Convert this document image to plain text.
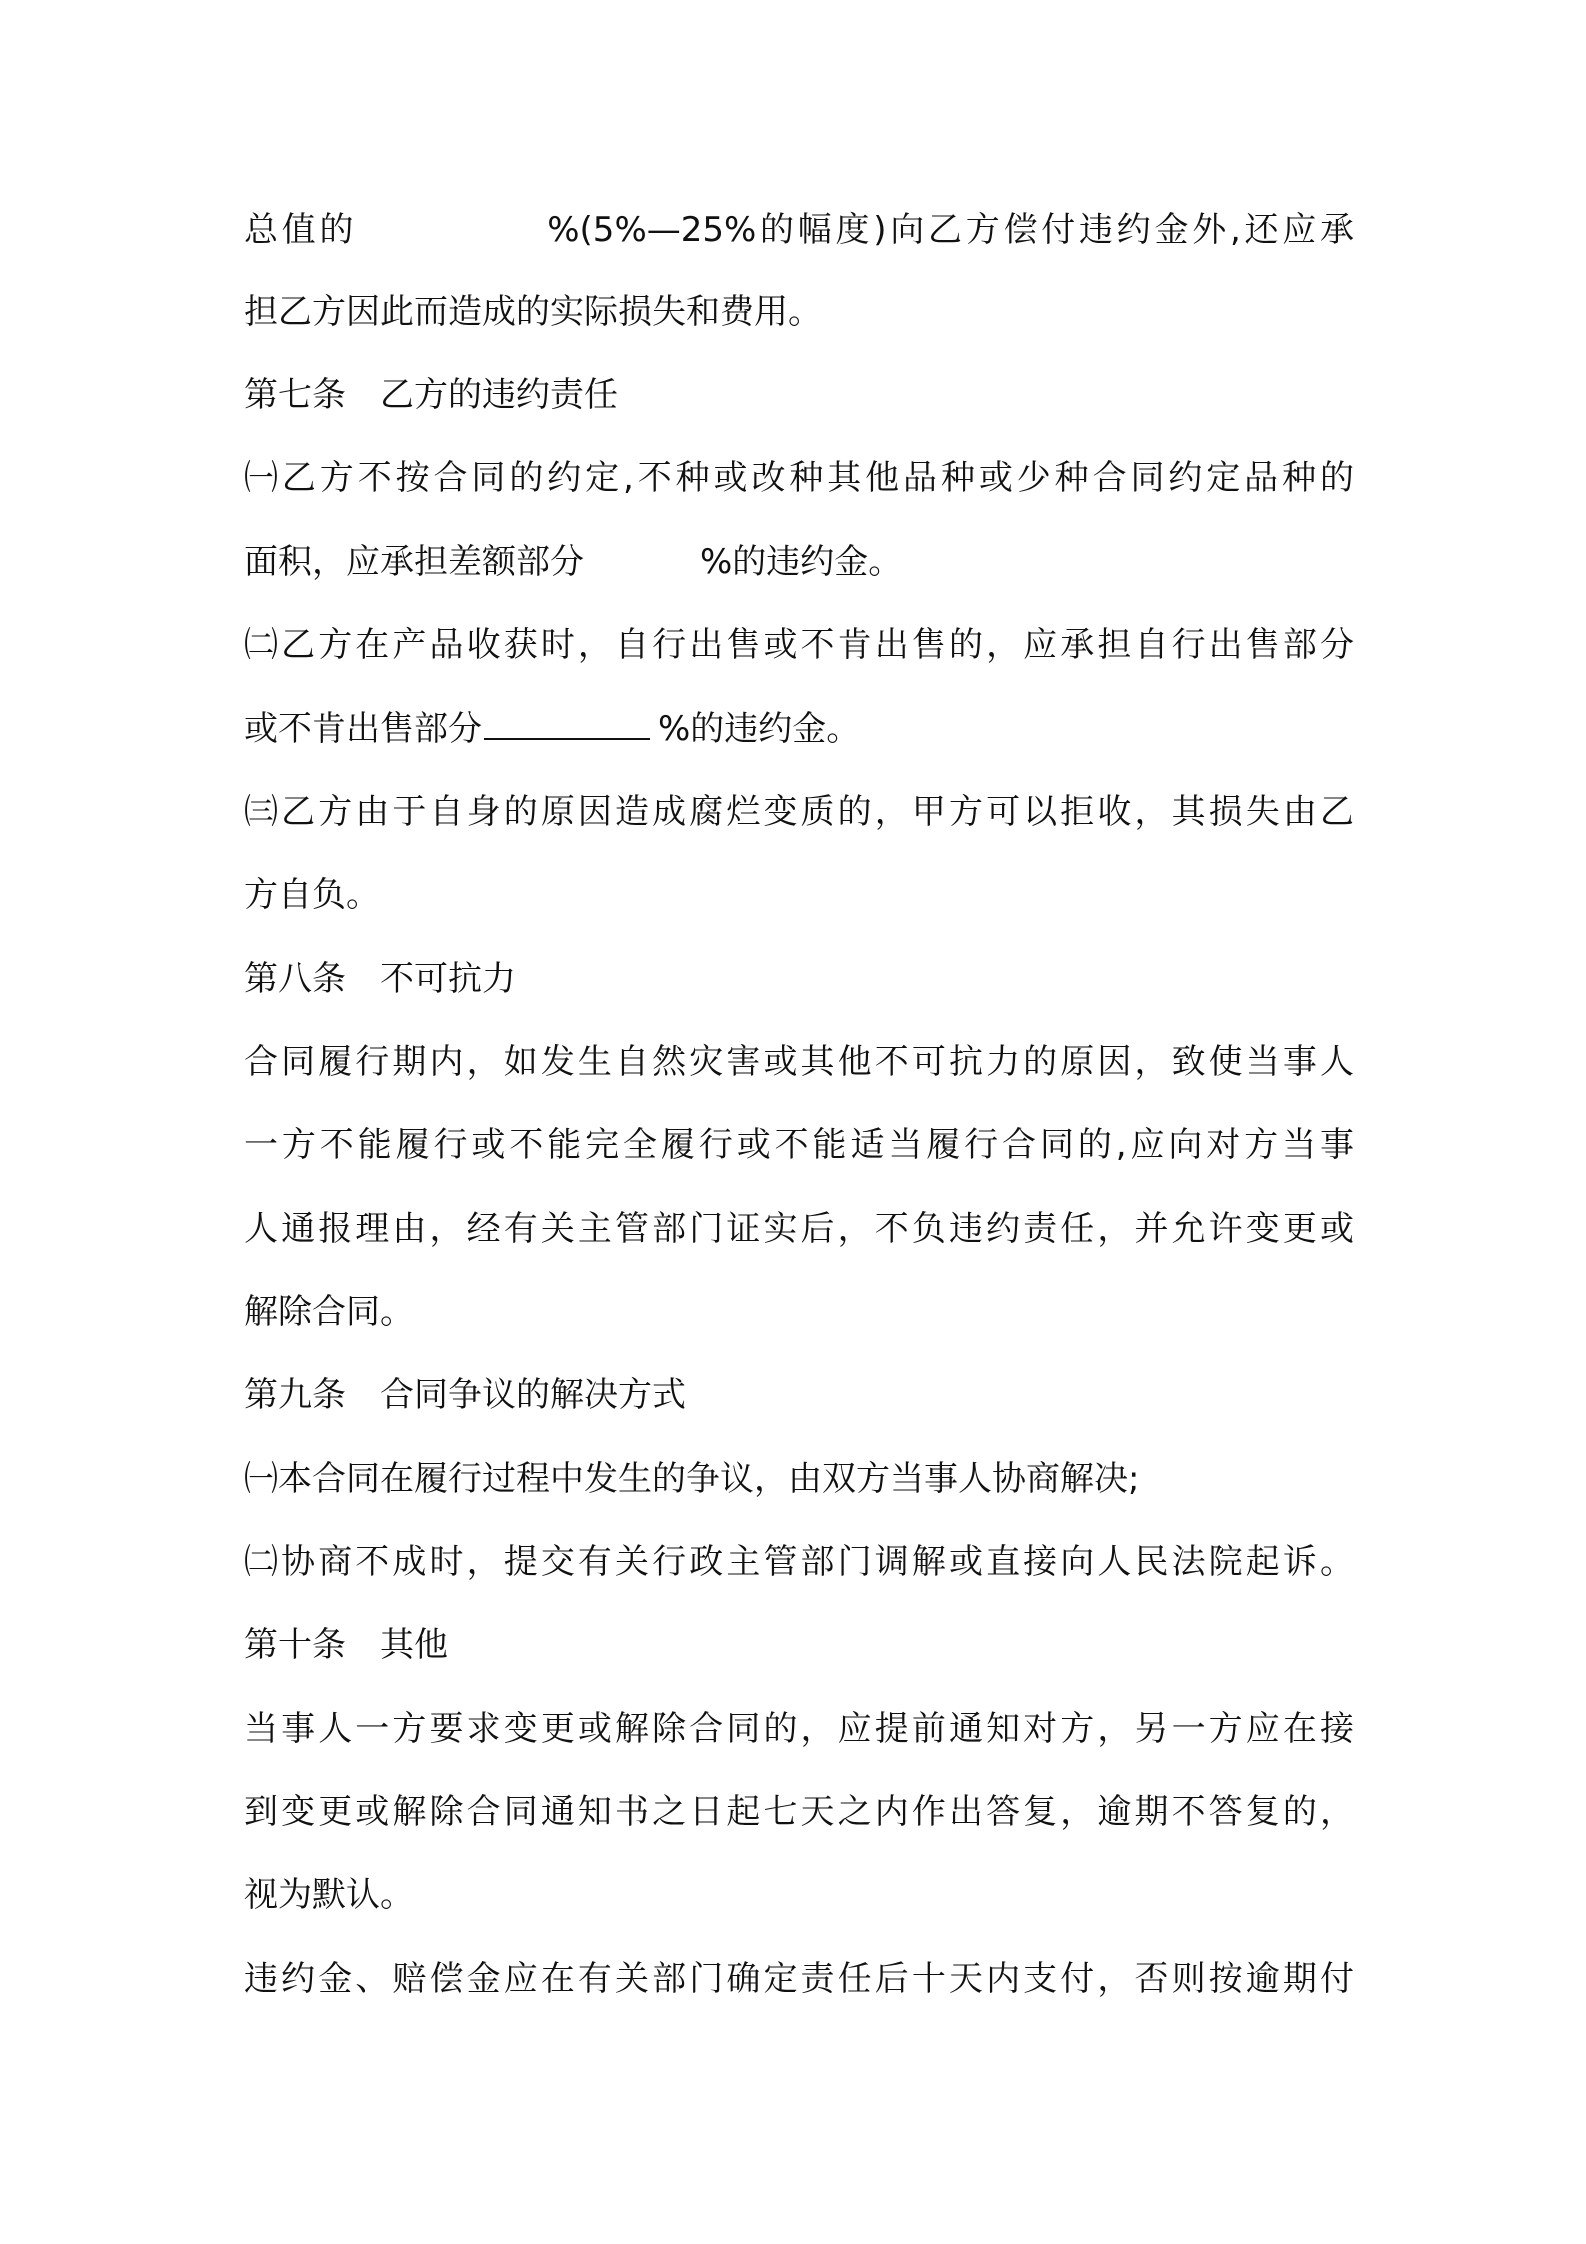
总值的	%(5%—25%的幅度)向乙方偿付违约金外,还应承
担乙方因此而造成的实际损失和费用。
第七条　乙方的违约责任
㈠乙方不按合同的约定,不种或改种其他品种或少种合同约定品种的
面积，应承担差额部分	%的违约金。
㈡乙方在产品收获时，自行出售或不肯出售的，应承担自行出售部分
或不肯出售部分	%的违约金。
㈢乙方由于自身的原因造成腐烂变质的，甲方可以拒收，其损失由乙
方自负。
第八条　不可抗力
合同履行期内，如发生自然灾害或其他不可抗力的原因，致使当事人
一方不能履行或不能完全履行或不能适当履行合同的,应向对方当事
人通报理由，经有关主管部门证实后，不负违约责任，并允许变更或
解除合同。
第九条　合同争议的解决方式
㈠本合同在履行过程中发生的争议，由双方当事人协商解决;
㈡协商不成时，提交有关行政主管部门调解或直接向人民法院起诉。
第十条　其他
当事人一方要求变更或解除合同的，应提前通知对方，另一方应在接
到变更或解除合同通知书之日起七天之内作出答复，逾期不答复的，
视为默认。
违约金、赔偿金应在有关部门确定责任后十天内支付，否则按逾期付
